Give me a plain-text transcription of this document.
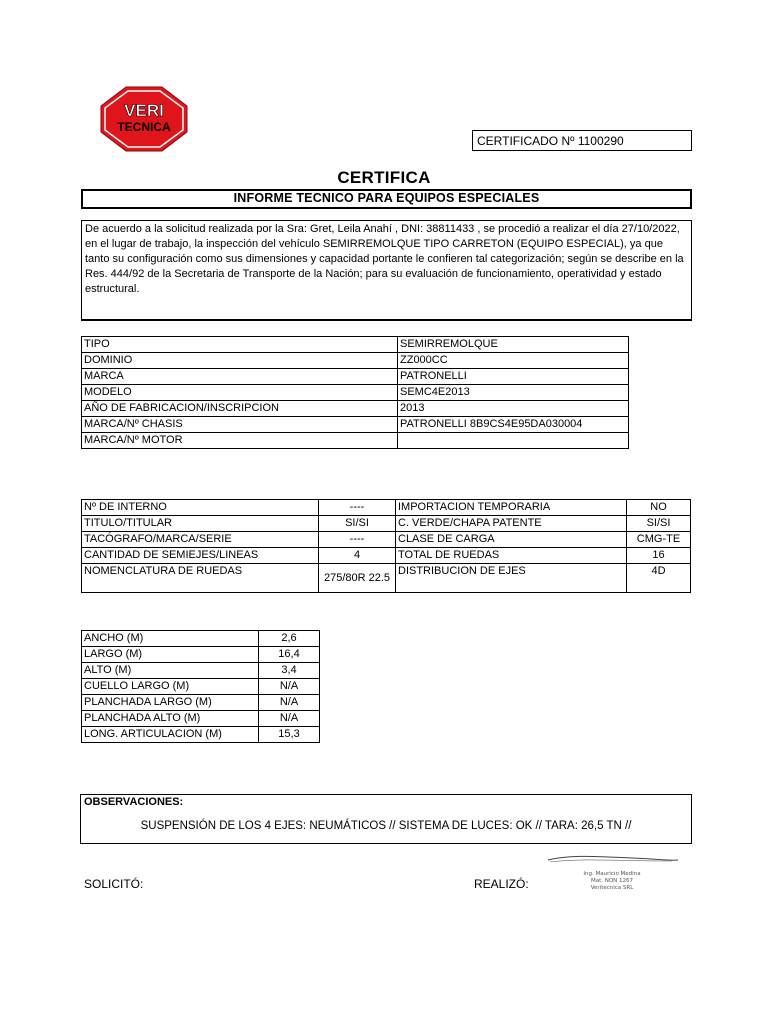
VERI
TECNICA
CERTIFICADO Nº 1100290
CERTIFICA
INFORME TECNICO PARA EQUIPOS ESPECIALES
De acuerdo a la solicitud realizada por la Sra: Gret, Leila Anahí , DNI: 38811433 , se procedió a realizar el día 27/10/2022, en el lugar de trabajo, la inspección del vehículo SEMIRREMOLQUE TIPO CARRETON (EQUIPO ESPECIAL), ya que tanto su configuración como sus dimensiones y capacidad portante le confieren tal categorización; según se describe en la Res. 444/92 de la Secretaria de Transporte de la Nación; para su evaluación de funcionamiento, operatividad y estado estructural.
TIPO	SEMIRREMOLQUE
DOMINIO	ZZ000CC
MARCA	PATRONELLI
MODELO	SEMC4E2013
AÑO DE FABRICACION/INSCRIPCION	2013
MARCA/Nº CHASIS	PATRONELLI 8B9CS4E95DA030004
MARCA/Nº MOTOR	
Nº DE INTERNO	----	IMPORTACION TEMPORARIA	NO
TITULO/TITULAR	SI/SI	C. VERDE/CHAPA PATENTE	SI/SI
TACÓGRAFO/MARCA/SERIE	----	CLASE DE CARGA	CMG-TE
CANTIDAD DE SEMIEJES/LINEAS	4	TOTAL DE RUEDAS	16
NOMENCLATURA DE RUEDAS	275/80R 22.5	DISTRIBUCION DE EJES	4D
ANCHO (M)	2,6
LARGO (M)	16,4
ALTO (M)	3,4
CUELLO LARGO (M)	N/A
PLANCHADA LARGO (M)	N/A
PLANCHADA ALTO (M)	N/A
LONG. ARTICULACION (M)	15,3
OBSERVACIONES:
SUSPENSIÓN DE LOS 4 EJES: NEUMÁTICOS // SISTEMA DE LUCES: OK // TARA: 26,5 TN //
SOLICITÓ:	REALIZÓ:
Ing. Mauricio Medina
Mat. NQN 1267
Veritecnica SRL
